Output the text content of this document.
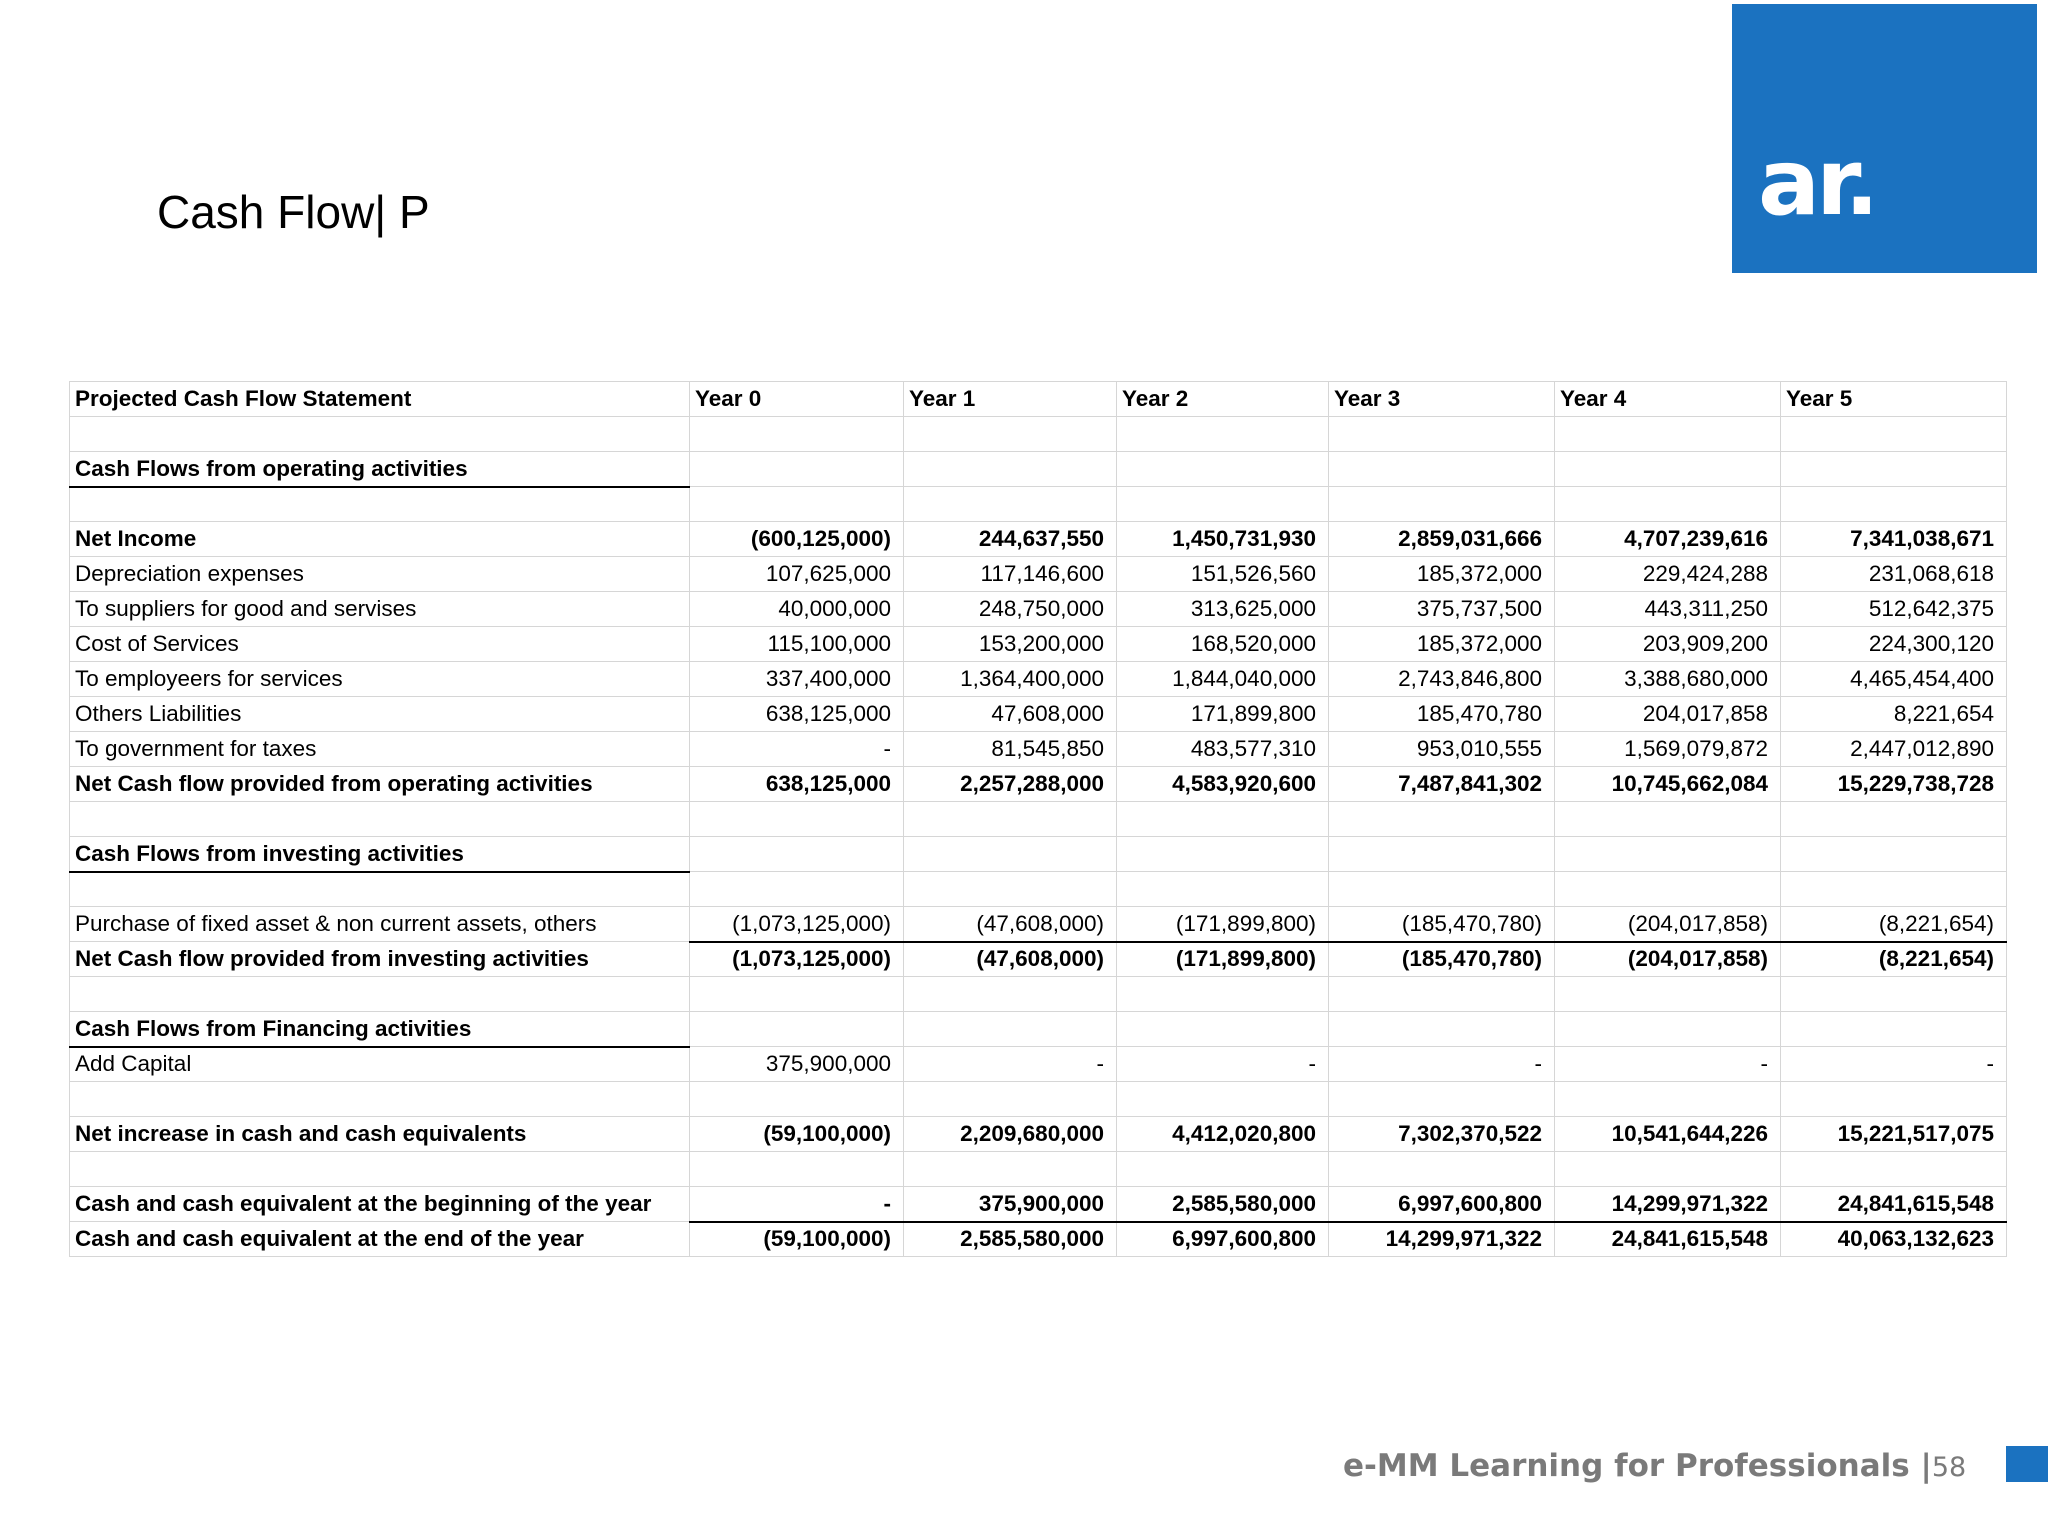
Cash Flow| P	ar.
Projected Cash Flow Statement	Year 0	Year 1	Year 2	Year 3	Year 4	Year 5

Cash Flows from operating activities						

Net Income	(600,125,000)	244,637,550	1,450,731,930	2,859,031,666	4,707,239,616	7,341,038,671
Depreciation expenses	107,625,000	117,146,600	151,526,560	185,372,000	229,424,288	231,068,618
To suppliers for good and servises	40,000,000	248,750,000	313,625,000	375,737,500	443,311,250	512,642,375
Cost of Services	115,100,000	153,200,000	168,520,000	185,372,000	203,909,200	224,300,120
To employeers for services	337,400,000	1,364,400,000	1,844,040,000	2,743,846,800	3,388,680,000	4,465,454,400
Others Liabilities	638,125,000	47,608,000	171,899,800	185,470,780	204,017,858	8,221,654
To government for taxes	-	81,545,850	483,577,310	953,010,555	1,569,079,872	2,447,012,890
Net Cash flow provided from operating activities	638,125,000	2,257,288,000	4,583,920,600	7,487,841,302	10,745,662,084	15,229,738,728

Cash Flows from investing activities						

Purchase of fixed asset & non current assets, others	(1,073,125,000)	(47,608,000)	(171,899,800)	(185,470,780)	(204,017,858)	(8,221,654)
Net Cash flow provided from investing activities	(1,073,125,000)	(47,608,000)	(171,899,800)	(185,470,780)	(204,017,858)	(8,221,654)

Cash Flows from Financing activities						
Add Capital	375,900,000	-	-	-	-	-

Net increase in cash and cash equivalents	(59,100,000)	2,209,680,000	4,412,020,800	7,302,370,522	10,541,644,226	15,221,517,075

Cash and cash equivalent at the beginning of the year	-	375,900,000	2,585,580,000	6,997,600,800	14,299,971,322	24,841,615,548
Cash and cash equivalent at the end of the year	(59,100,000)	2,585,580,000	6,997,600,800	14,299,971,322	24,841,615,548	40,063,132,623
e-MM Learning for Professionals |58
